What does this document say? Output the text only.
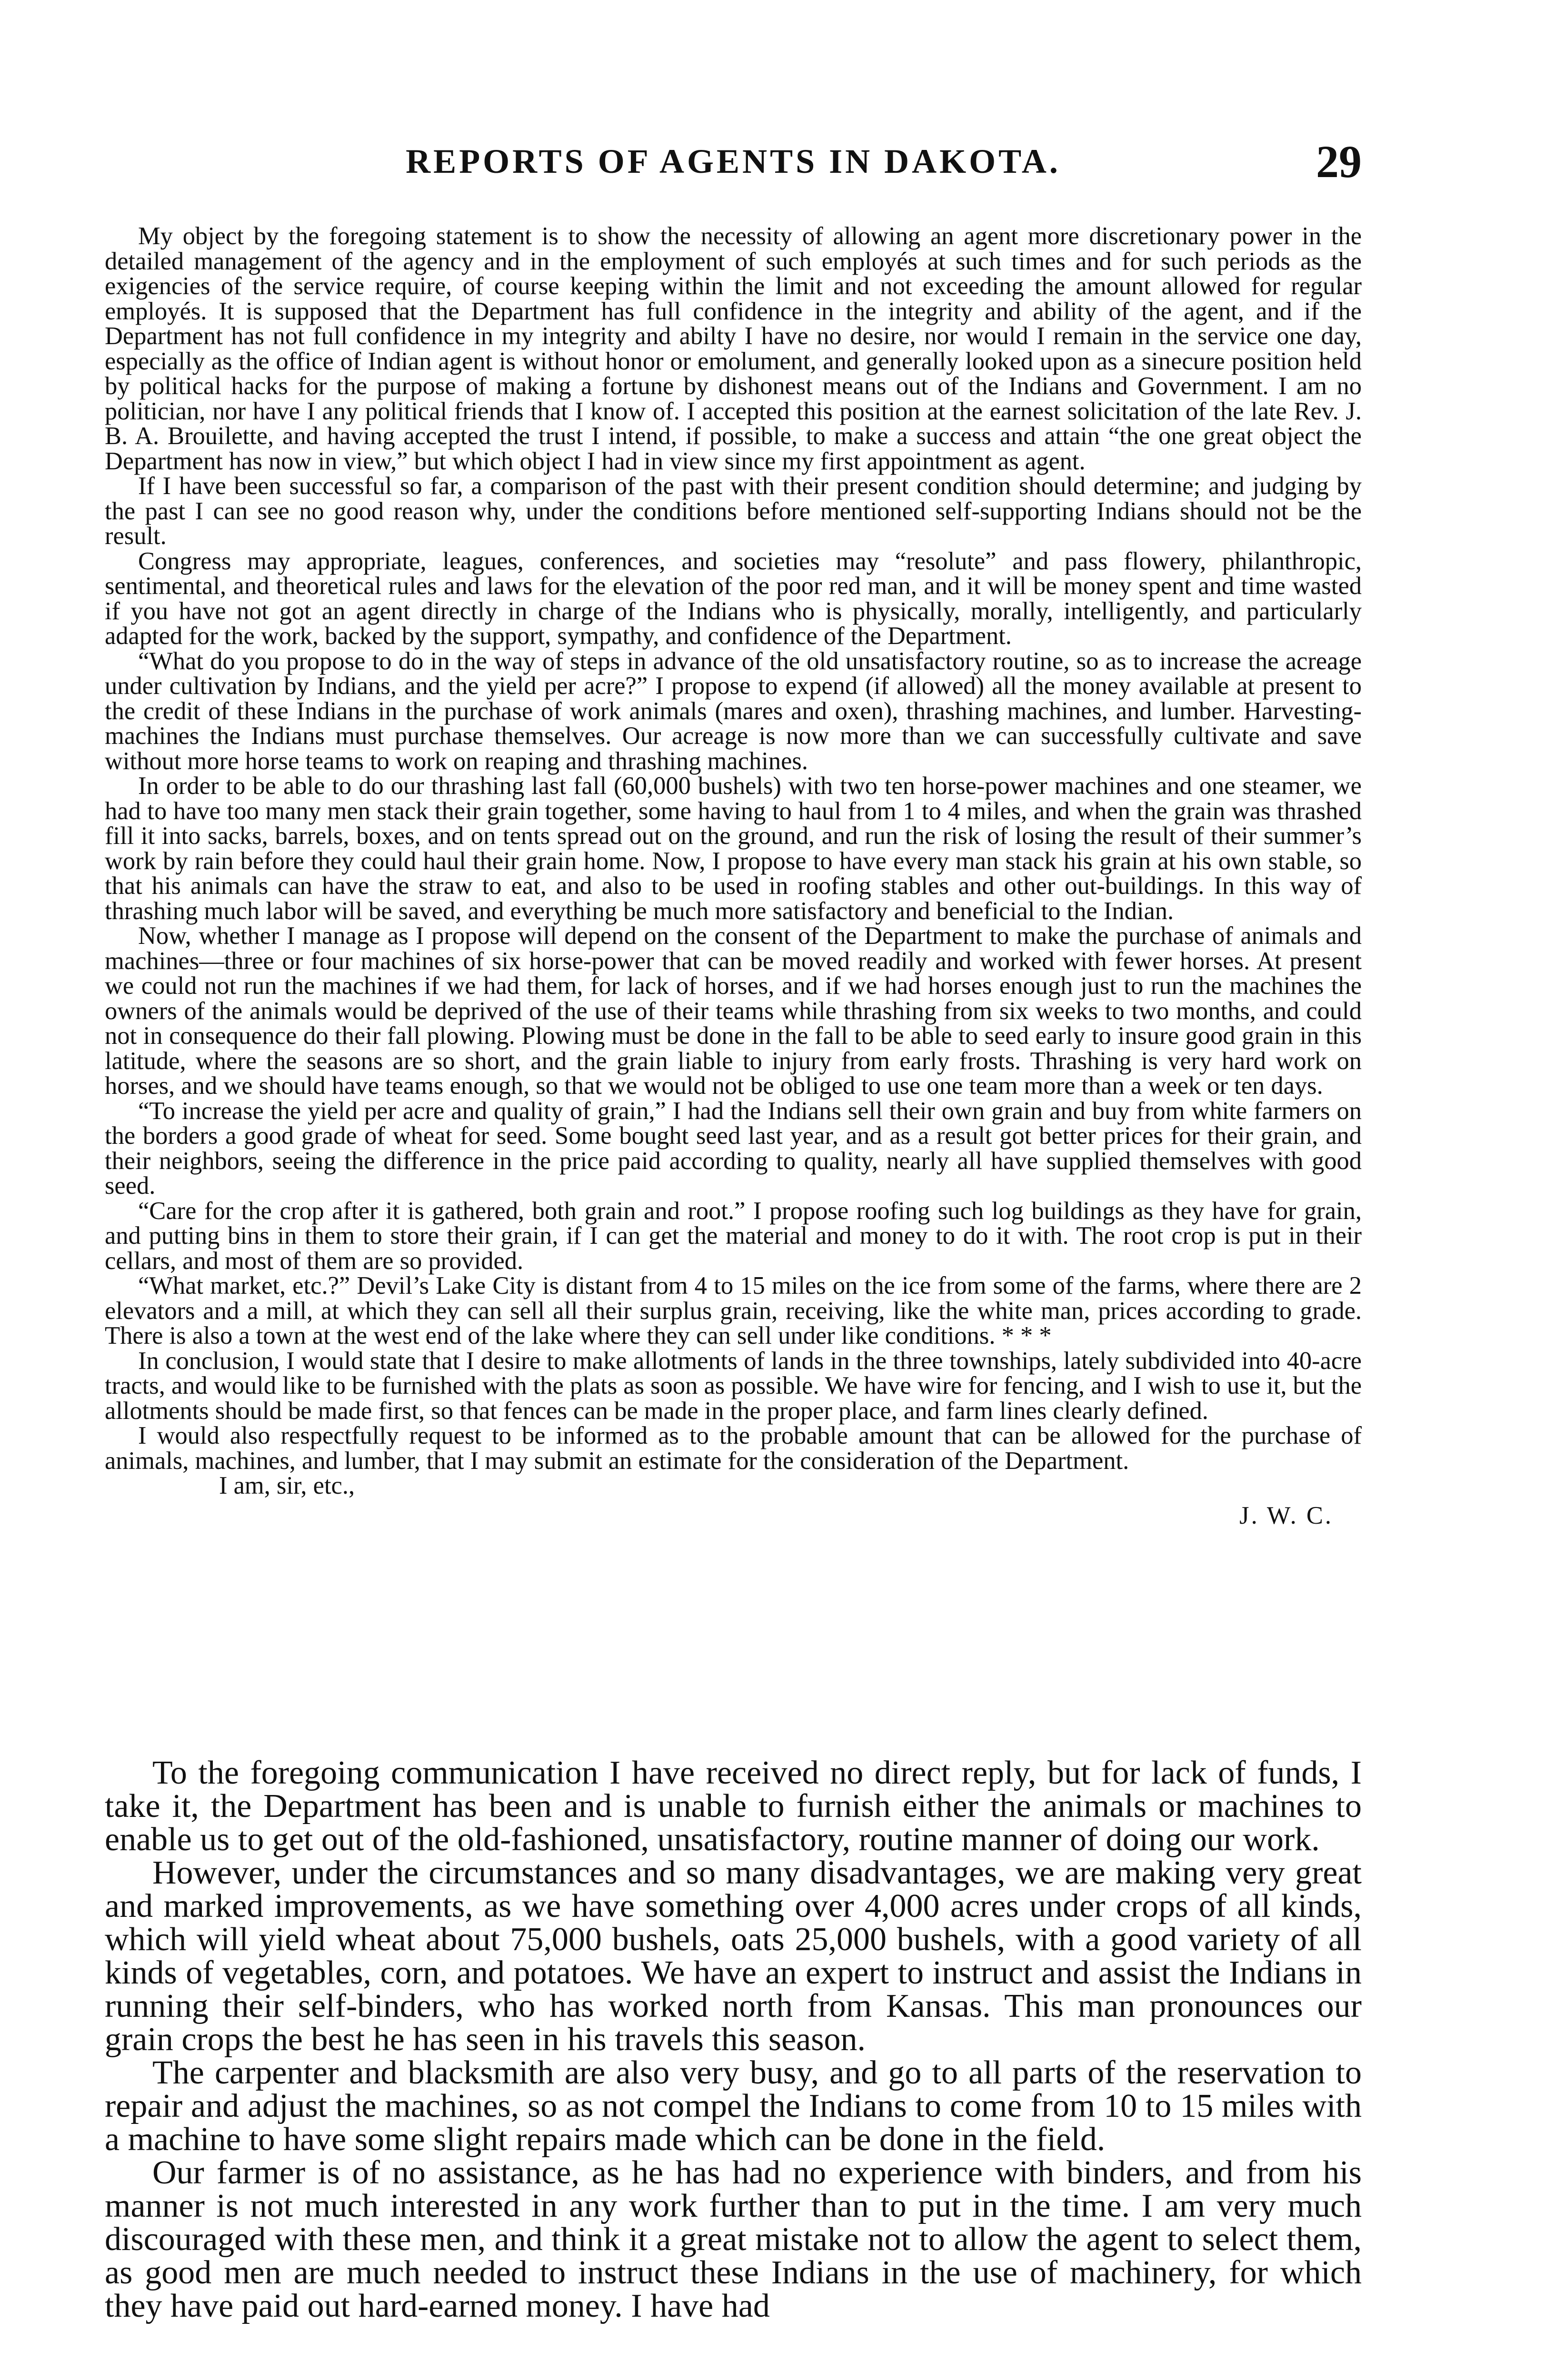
REPORTS OF AGENTS IN DAKOTA.	29

My object by the foregoing statement is to show the necessity of allowing an agent more discretionary power in the detailed management of the agency and in the employment of such employés at such times and for such periods as the exigencies of the service require, of course keeping within the limit and not exceeding the amount allowed for regular employés. It is supposed that the Department has full confidence in the integrity and ability of the agent, and if the Department has not full confidence in my integrity and abilty I have no desire, nor would I remain in the service one day, especially as the office of Indian agent is without honor or emolument, and generally looked upon as a sinecure position held by political hacks for the purpose of making a fortune by dishonest means out of the Indians and Government. I am no politician, nor have I any political friends that I know of. I accepted this position at the earnest solicitation of the late Rev. J. B. A. Brouilette, and having accepted the trust I intend, if possible, to make a success and attain “the one great object the Department has now in view,” but which object I had in view since my first appointment as agent.

If I have been successful so far, a comparison of the past with their present condition should determine; and judging by the past I can see no good reason why, under the conditions before mentioned self-supporting Indians should not be the result.

Congress may appropriate, leagues, conferences, and societies may “resolute” and pass flowery, philanthropic, sentimental, and theoretical rules and laws for the elevation of the poor red man, and it will be money spent and time wasted if you have not got an agent directly in charge of the Indians who is physically, morally, intelligently, and particularly adapted for the work, backed by the support, sympathy, and confidence of the Department.

“What do you propose to do in the way of steps in advance of the old unsatisfactory routine, so as to increase the acreage under cultivation by Indians, and the yield per acre?” I propose to expend (if allowed) all the money available at present to the credit of these Indians in the purchase of work animals (mares and oxen), thrashing machines, and lumber. Harvesting-machines the Indians must purchase themselves. Our acreage is now more than we can successfully cultivate and save without more horse teams to work on reaping and thrashing machines.

In order to be able to do our thrashing last fall (60,000 bushels) with two ten horse-power machines and one steamer, we had to have too many men stack their grain together, some having to haul from 1 to 4 miles, and when the grain was thrashed fill it into sacks, barrels, boxes, and on tents spread out on the ground, and run the risk of losing the result of their summer’s work by rain before they could haul their grain home. Now, I propose to have every man stack his grain at his own stable, so that his animals can have the straw to eat, and also to be used in roofing stables and other out-buildings. In this way of thrashing much labor will be saved, and everything be much more satisfactory and beneficial to the Indian.

Now, whether I manage as I propose will depend on the consent of the Department to make the purchase of animals and machines—three or four machines of six horse-power that can be moved readily and worked with fewer horses. At present we could not run the machines if we had them, for lack of horses, and if we had horses enough just to run the machines the owners of the animals would be deprived of the use of their teams while thrashing from six weeks to two months, and could not in consequence do their fall plowing. Plowing must be done in the fall to be able to seed early to insure good grain in this latitude, where the seasons are so short, and the grain liable to injury from early frosts. Thrashing is very hard work on horses, and we should have teams enough, so that we would not be obliged to use one team more than a week or ten days.

“To increase the yield per acre and quality of grain,” I had the Indians sell their own grain and buy from white farmers on the borders a good grade of wheat for seed. Some bought seed last year, and as a result got better prices for their grain, and their neighbors, seeing the difference in the price paid according to quality, nearly all have supplied themselves with good seed.

“Care for the crop after it is gathered, both grain and root.” I propose roofing such log buildings as they have for grain, and putting bins in them to store their grain, if I can get the material and money to do it with. The root crop is put in their cellars, and most of them are so provided.

“What market, etc.?” Devil’s Lake City is distant from 4 to 15 miles on the ice from some of the farms, where there are 2 elevators and a mill, at which they can sell all their surplus grain, receiving, like the white man, prices according to grade. There is also a town at the west end of the lake where they can sell under like conditions. * * *

In conclusion, I would state that I desire to make allotments of lands in the three townships, lately subdivided into 40-acre tracts, and would like to be furnished with the plats as soon as possible. We have wire for fencing, and I wish to use it, but the allotments should be made first, so that fences can be made in the proper place, and farm lines clearly defined.

I would also respectfully request to be informed as to the probable amount that can be allowed for the purchase of animals, machines, and lumber, that I may submit an estimate for the consideration of the Department.

I am, sir, etc.,

J. W. C.

To the foregoing communication I have received no direct reply, but for lack of funds, I take it, the Department has been and is unable to furnish either the animals or machines to enable us to get out of the old-fashioned, unsatisfactory, routine manner of doing our work.

However, under the circumstances and so many disadvantages, we are making very great and marked improvements, as we have something over 4,000 acres under crops of all kinds, which will yield wheat about 75,000 bushels, oats 25,000 bushels, with a good variety of all kinds of vegetables, corn, and potatoes. We have an expert to instruct and assist the Indians in running their self-binders, who has worked north from Kansas. This man pronounces our grain crops the best he has seen in his travels this season.

The carpenter and blacksmith are also very busy, and go to all parts of the reservation to repair and adjust the machines, so as not compel the Indians to come from 10 to 15 miles with a machine to have some slight repairs made which can be done in the field.

Our farmer is of no assistance, as he has had no experience with binders, and from his manner is not much interested in any work further than to put in the time. I am very much discouraged with these men, and think it a great mistake not to allow the agent to select them, as good men are much needed to instruct these Indians in the use of machinery, for which they have paid out hard-earned money. I have had
